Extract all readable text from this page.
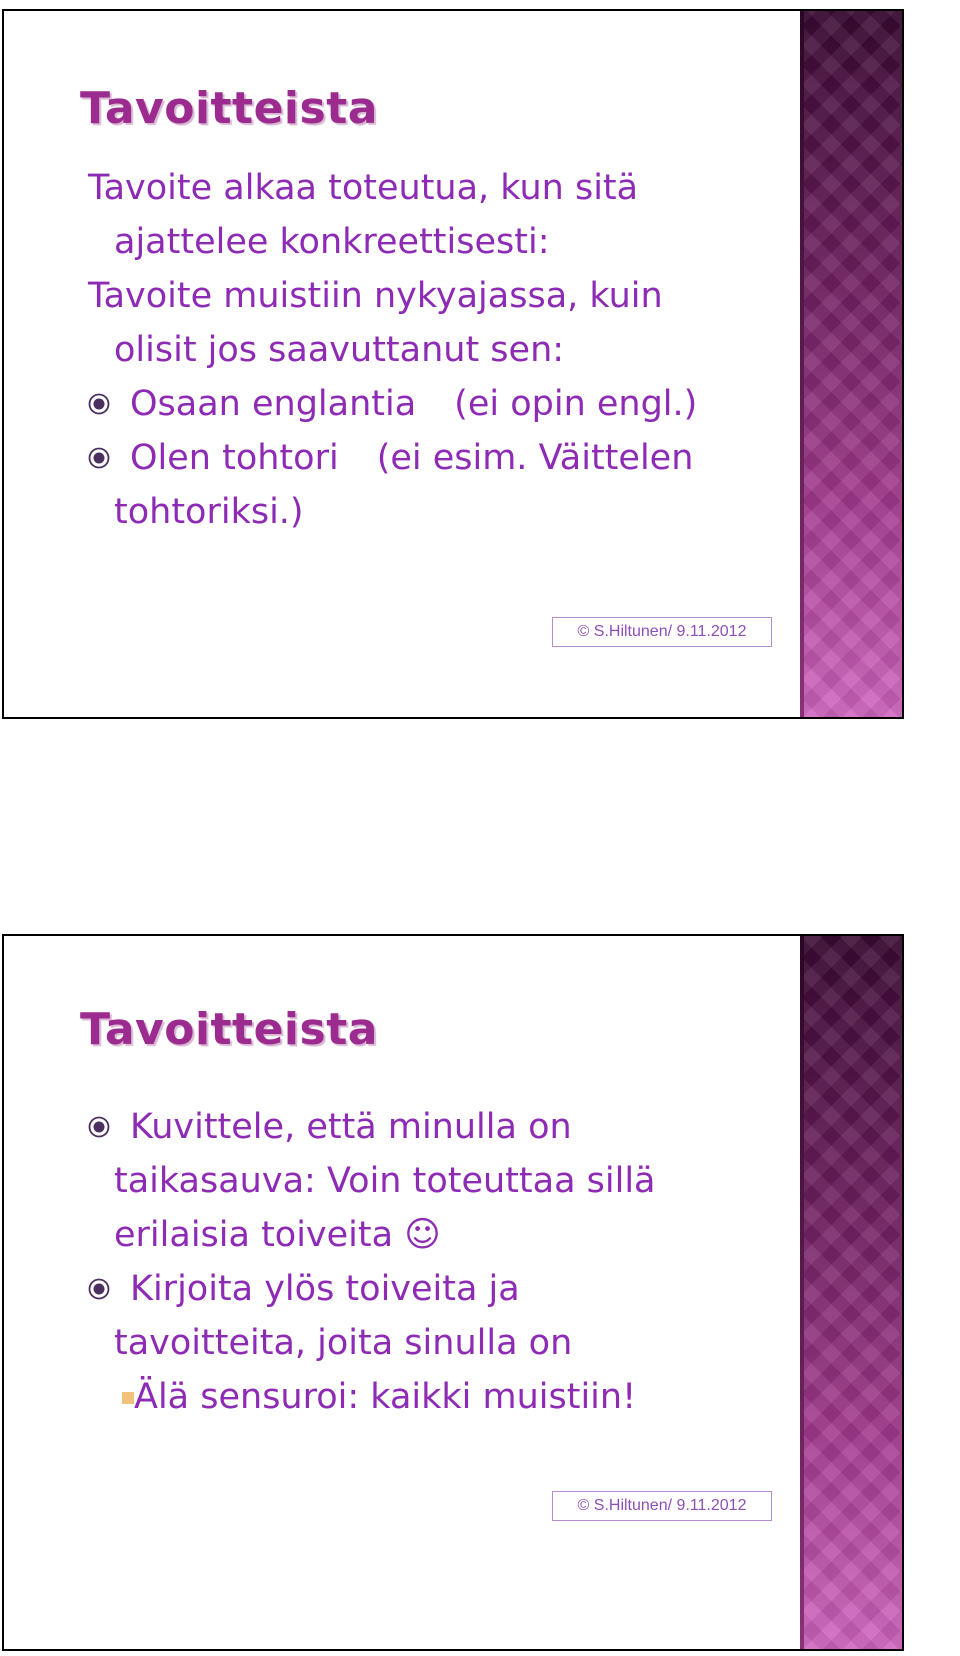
Tavoitteista

Tavoite alkaa toteutua, kun sitä
ajattelee konkreettisesti:

Tavoite muistiin nykyajassa, kuin
olisit jos saavuttanut sen:

Osaan englantia (ei opin engl.)

Olen tohtori (ei esim. Väittelen

tohtoriksi.)

© S.Hiltunen/ 9.11.2012
Tavoitteista

Kuvittele, että minulla on

taikasauva: Voin toteuttaa sillä

erilaisia toiveita ☺

Kirjoita ylös toiveita ja

tavoitteita, joita sinulla on

Älä sensuroi: kaikki muistiin!

© S.Hiltunen/ 9.11.2012
